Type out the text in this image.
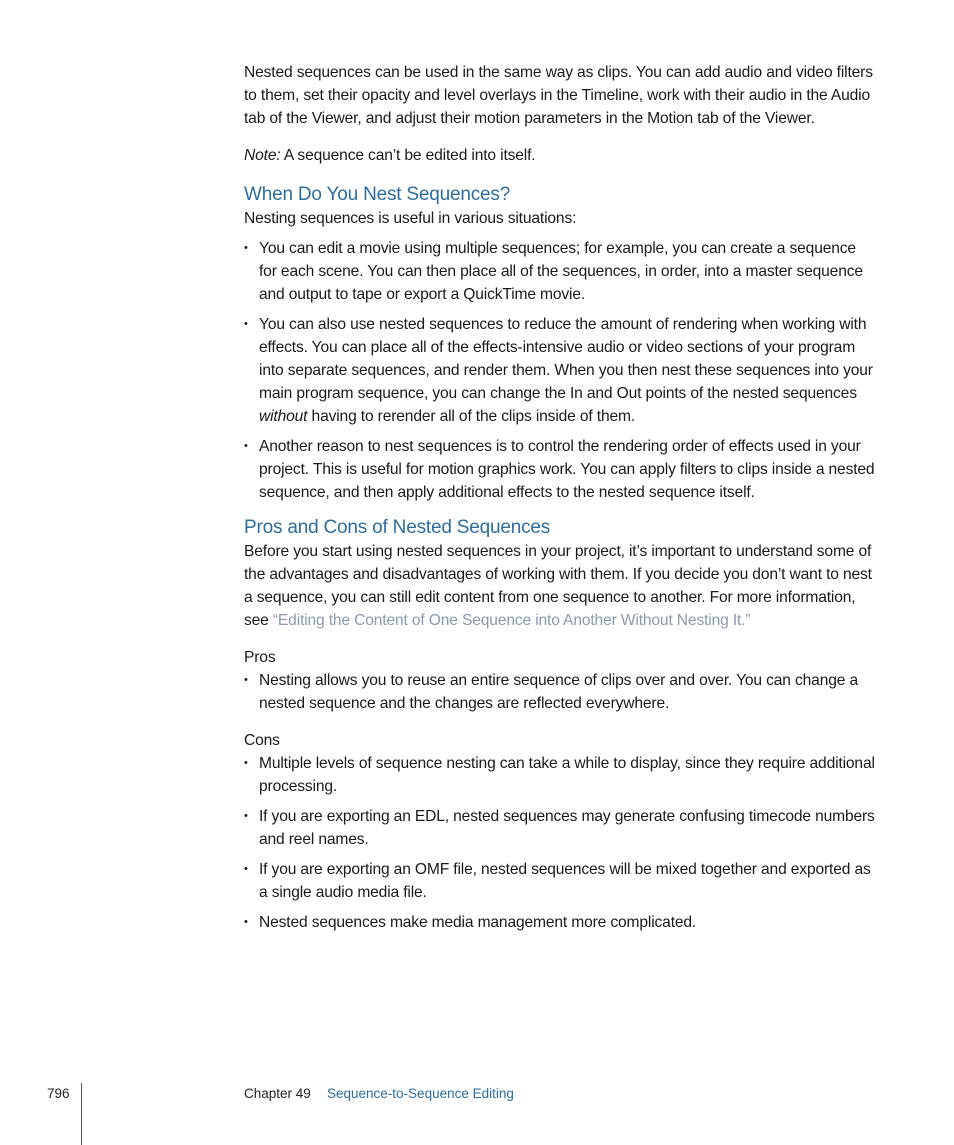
Nested sequences can be used in the same way as clips. You can add audio and video filters to them, set their opacity and level overlays in the Timeline, work with their audio in the Audio tab of the Viewer, and adjust their motion parameters in the Motion tab of the Viewer.

Note: A sequence can’t be edited into itself.

When Do You Nest Sequences?

Nesting sequences is useful in various situations:

• You can edit a movie using multiple sequences; for example, you can create a sequence for each scene. You can then place all of the sequences, in order, into a master sequence and output to tape or export a QuickTime movie.
• You can also use nested sequences to reduce the amount of rendering when working with effects. You can place all of the effects-intensive audio or video sections of your program into separate sequences, and render them. When you then nest these sequences into your main program sequence, you can change the In and Out points of the nested sequences without having to rerender all of the clips inside of them.
• Another reason to nest sequences is to control the rendering order of effects used in your project. This is useful for motion graphics work. You can apply filters to clips inside a nested sequence, and then apply additional effects to the nested sequence itself.
Pros and Cons of Nested Sequences

Before you start using nested sequences in your project, it’s important to understand some of the advantages and disadvantages of working with them. If you decide you don’t want to nest a sequence, you can still edit content from one sequence to another. For more information, see “Editing the Content of One Sequence into Another Without Nesting It.”

Pros

• Nesting allows you to reuse an entire sequence of clips over and over. You can change a nested sequence and the changes are reflected everywhere.

Cons

• Multiple levels of sequence nesting can take a while to display, since they require additional processing.
• If you are exporting an EDL, nested sequences may generate confusing timecode numbers and reel names.
• If you are exporting an OMF file, nested sequences will be mixed together and exported as a single audio media file.
• Nested sequences make media management more complicated.
796	Chapter 49 Sequence-to-Sequence Editing
